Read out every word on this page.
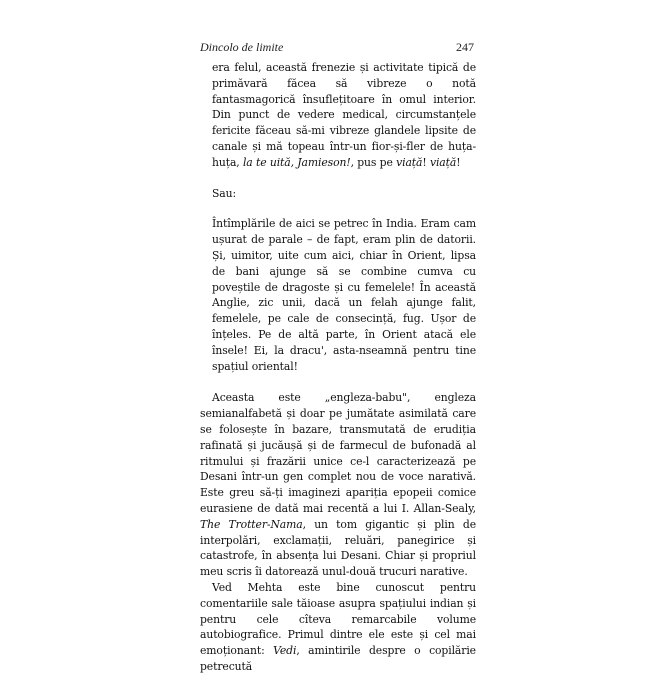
Dincolo de limite	247

era felul, această frenezie și activitate tipică de primăvară făcea să vibreze o notă fantasmagorică însuflețitoare în omul interior. Din punct de vedere medical, circumstanțele fericite făceau să-mi vibreze glandele lipsite de canale și mă topeau într-un fior-și-fler de huța-huța, la te uită, Jamieson!, pus pe viață! viață!

Sau:

Întîmplările de aici se petrec în India. Eram cam ușurat de parale – de fapt, eram plin de datorii. Și, uimitor, uite cum aici, chiar în Orient, lipsa de bani ajunge să se combine cumva cu poveștile de dragoste și cu femelele! În această Anglie, zic unii, dacă un felah ajunge falit, femelele, pe cale de consecință, fug. Ușor de înțeles. Pe de altă parte, în Orient atacă ele însele! Ei, la dracu', asta-nseamnă pentru tine spațiul oriental!

Aceasta este „engleza-babu", engleza semianalfabetă și doar pe jumătate asimilată care se folosește în bazare, transmutată de erudiția rafinată și jucăușă și de farmecul de bufonadă al ritmului și frazării unice ce-l caracterizează pe Desani într-un gen complet nou de voce narativă. Este greu să-ți imaginezi apariția epopeii comice eurasiene de dată mai recentă a lui I. Allan-Sealy, The Trotter-Nama, un tom gigantic și plin de interpolări, exclamații, reluări, panegirice și catastrofe, în absența lui Desani. Chiar și propriul meu scris îi datorează unul-două trucuri narative.

Ved Mehta este bine cunoscut pentru comentariile sale tăioase asupra spațiului indian și pentru cele cîteva remarcabile volume autobiografice. Primul dintre ele este și cel mai emoționant: Vedi, amintirile despre o copilărie petrecută
